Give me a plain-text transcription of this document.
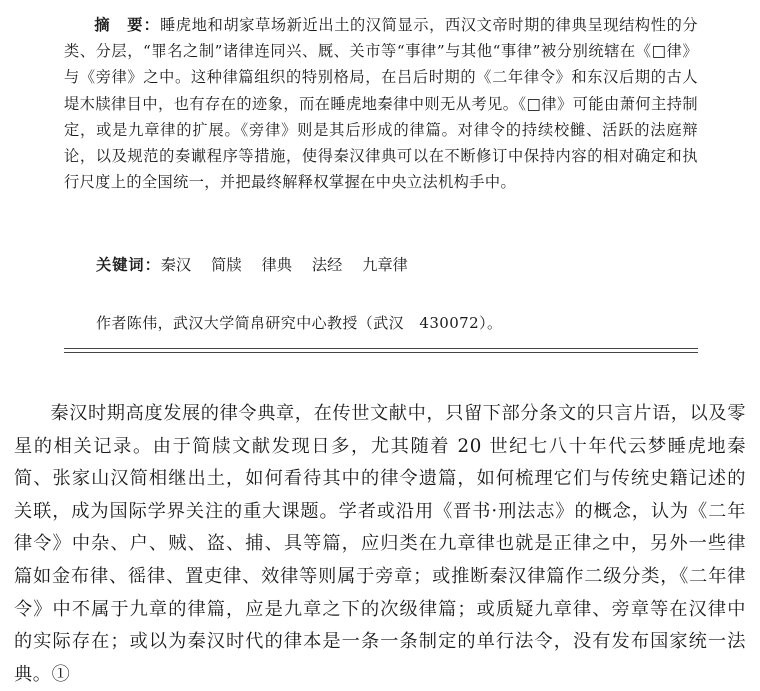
摘　要：睡虎地和胡家草场新近出土的汉简显示，西汉文帝时期的律典呈现结构性的分类、分层，“罪名之制”诸律连同兴、厩、关市等“事律”与其他“事律”被分别统辖在《□律》与《旁律》之中。这种律篇组织的特别格局，在吕后时期的《二年律令》和东汉后期的古人堤木牍律目中，也有存在的迹象，而在睡虎地秦律中则无从考见。《□律》可能由萧何主持制定，或是九章律的扩展。《旁律》则是其后形成的律篇。对律令的持续校雠、活跃的法庭辩论，以及规范的奏谳程序等措施，使得秦汉律典可以在不断修订中保持内容的相对确定和执行尺度上的全国统一，并把最终解释权掌握在中央立法机构手中。

关键词：秦汉 简牍 律典 法经 九章律
作者陈伟，武汉大学简帛研究中心教授（武汉　430072）。

秦汉时期高度发展的律令典章，在传世文献中，只留下部分条文的只言片语，以及零星的相关记录。由于简牍文献发现日多，尤其随着 20 世纪七八十年代云梦睡虎地秦简、张家山汉简相继出土，如何看待其中的律令遗篇，如何梳理它们与传统史籍记述的关联，成为国际学界关注的重大课题。学者或沿用《晋书·刑法志》的概念，认为《二年律令》中杂、户、贼、盗、捕、具等篇，应归类在九章律也就是正律之中，另外一些律篇如金布律、徭律、置吏律、效律等则属于旁章；或推断秦汉律篇作二级分类，《二年律令》中不属于九章的律篇，应是九章之下的次级律篇；或质疑九章律、旁章等在汉律中的实际存在；或以为秦汉时代的律本是一条一条制定的单行法令，没有发布国家统一法典。①
